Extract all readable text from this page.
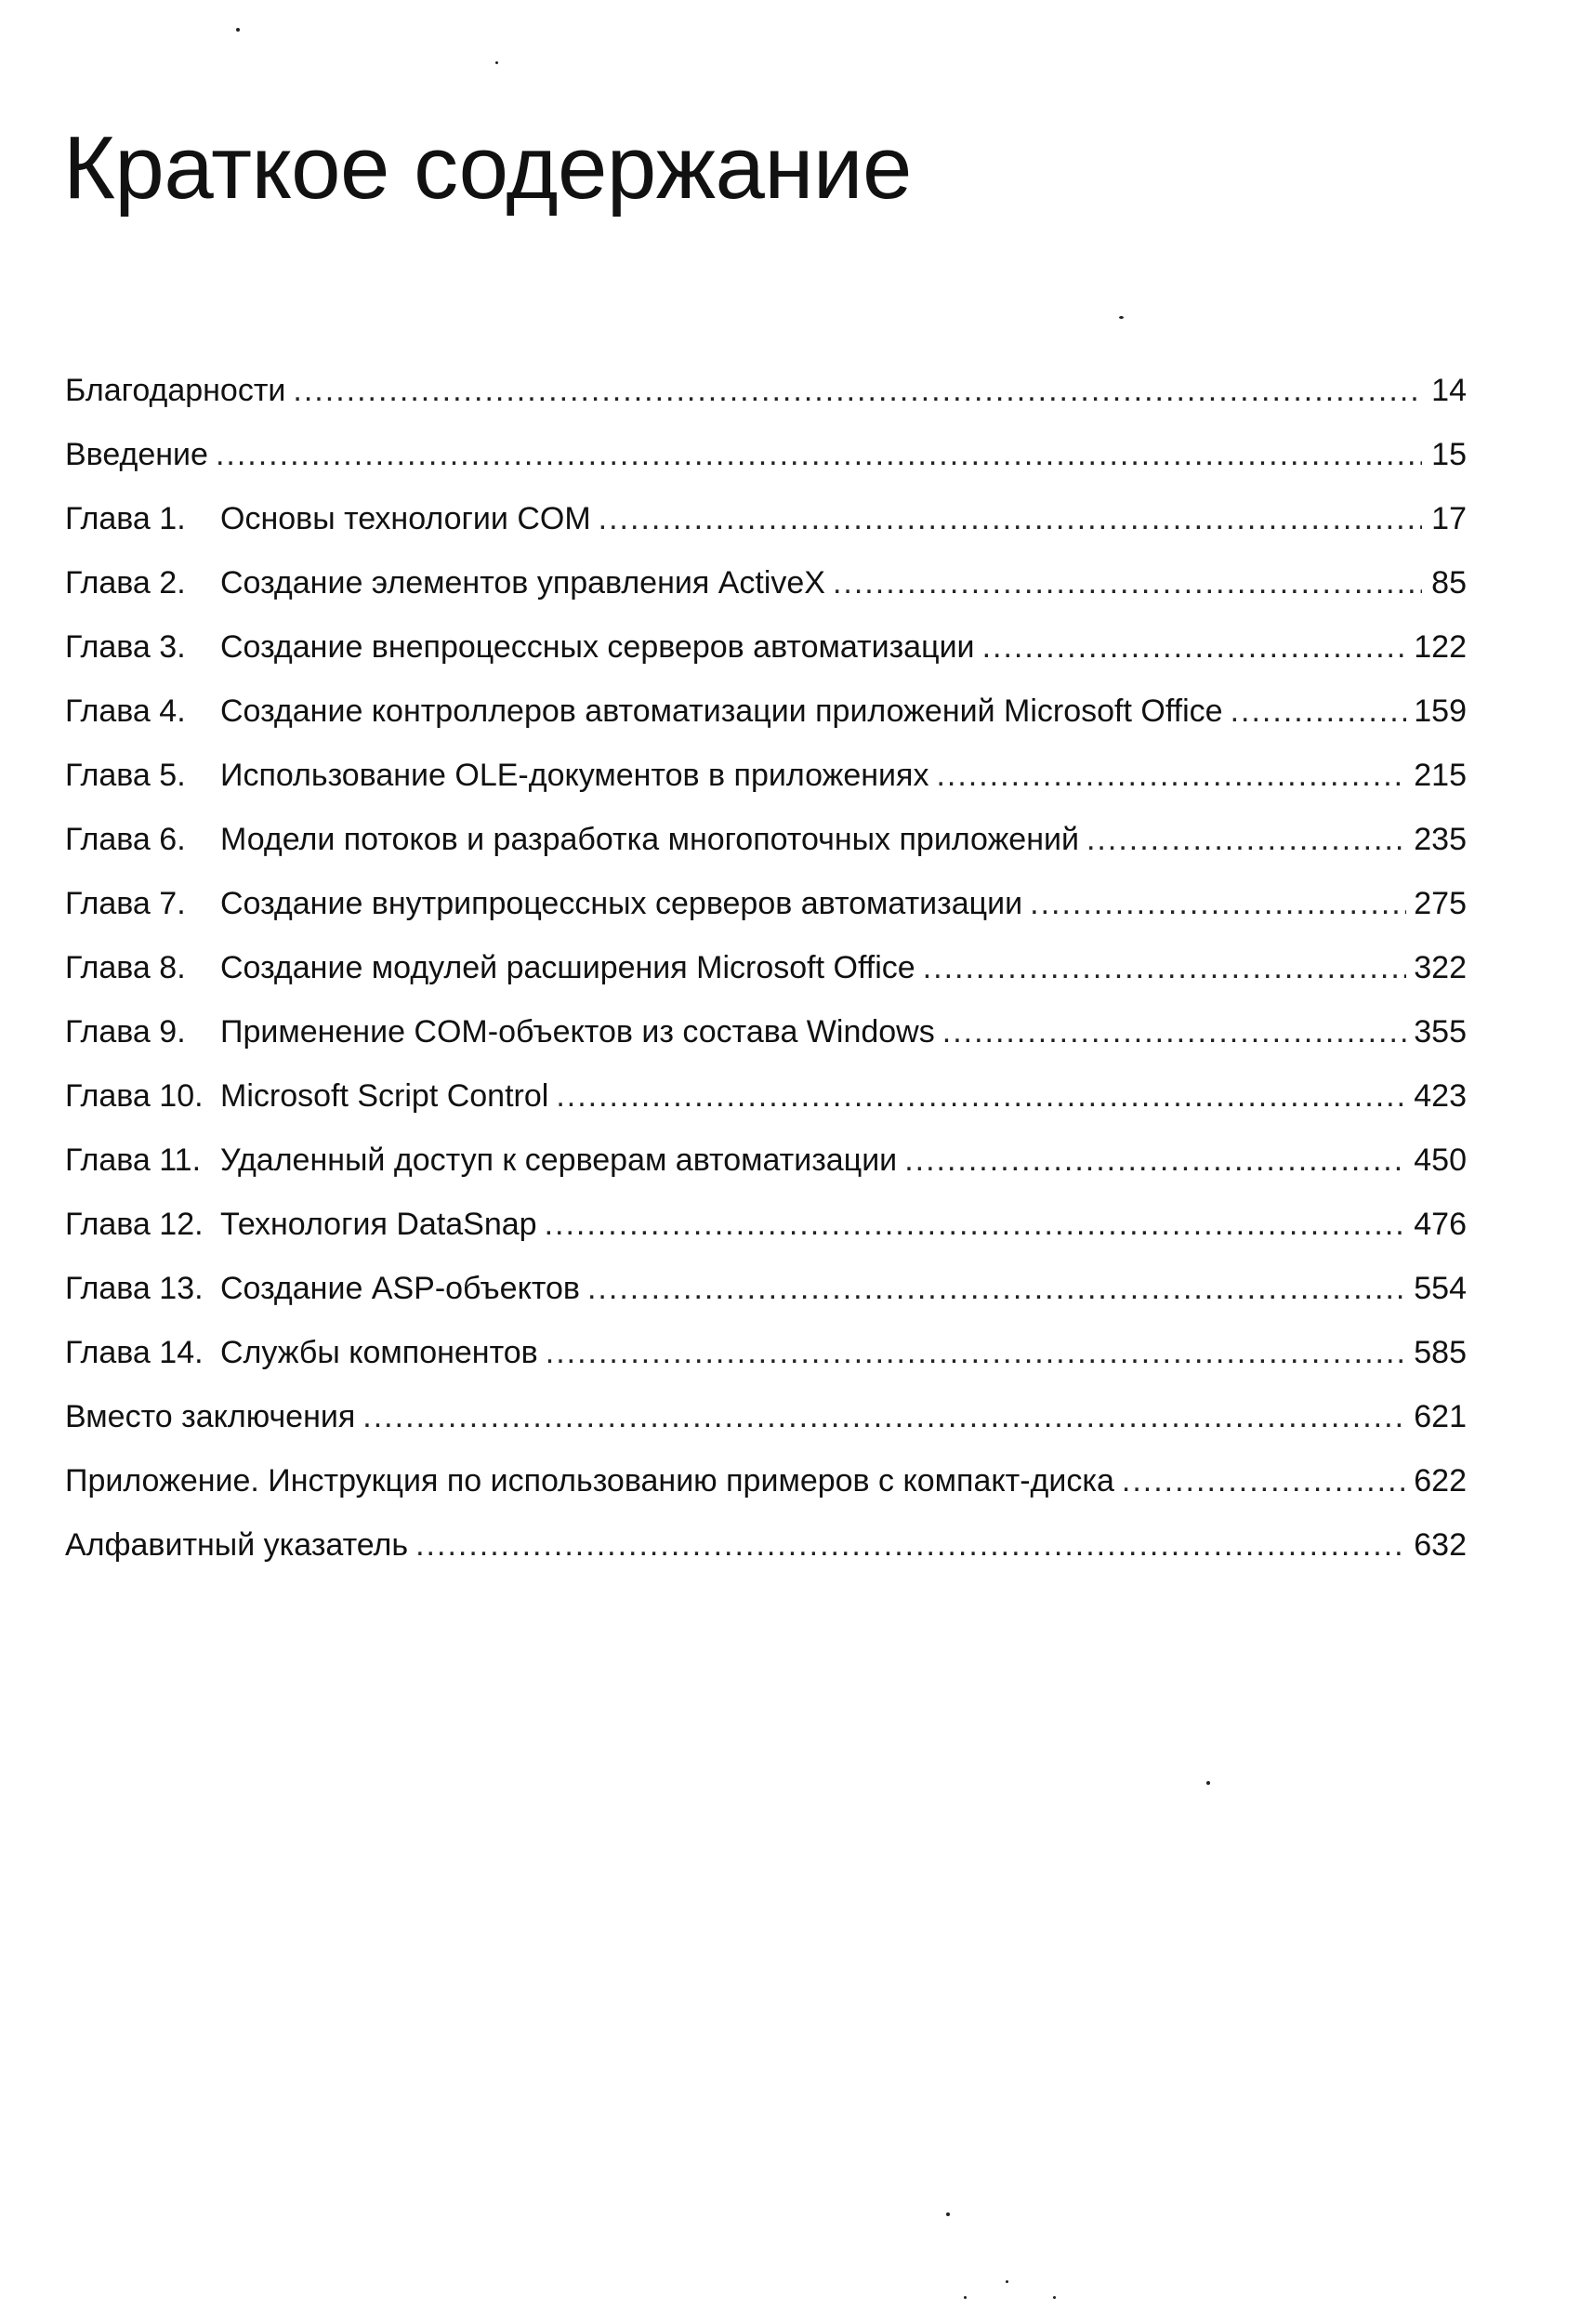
Краткое содержание
Благодарности .....	14
Введение .....	15
Глава 1.	Основы технологии COM .....	17
Глава 2.	Создание элементов управления ActiveX .....	85
Глава 3.	Создание внепроцессных серверов автоматизации .....	122
Глава 4.	Создание контроллеров автоматизации приложений Microsoft Office .....	159
Глава 5.	Использование OLE-документов в приложениях .....	215
Глава 6.	Модели потоков и разработка многопоточных приложений .....	235
Глава 7.	Создание внутрипроцессных серверов автоматизации .....	275
Глава 8.	Создание модулей расширения Microsoft Office .....	322
Глава 9.	Применение COM-объектов из состава Windows .....	355
Глава 10. Microsoft Script Control .....	423
Глава 11. Удаленный доступ к серверам автоматизации .....	450
Глава 12. Технология DataSnap .....	476
Глава 13. Создание ASP-объектов .....	554
Глава 14. Службы компонентов .....	585
Вместо заключения .....	621
Приложение. Инструкция по использованию примеров с компакт-диска .....	622
Алфавитный указатель .....	632
